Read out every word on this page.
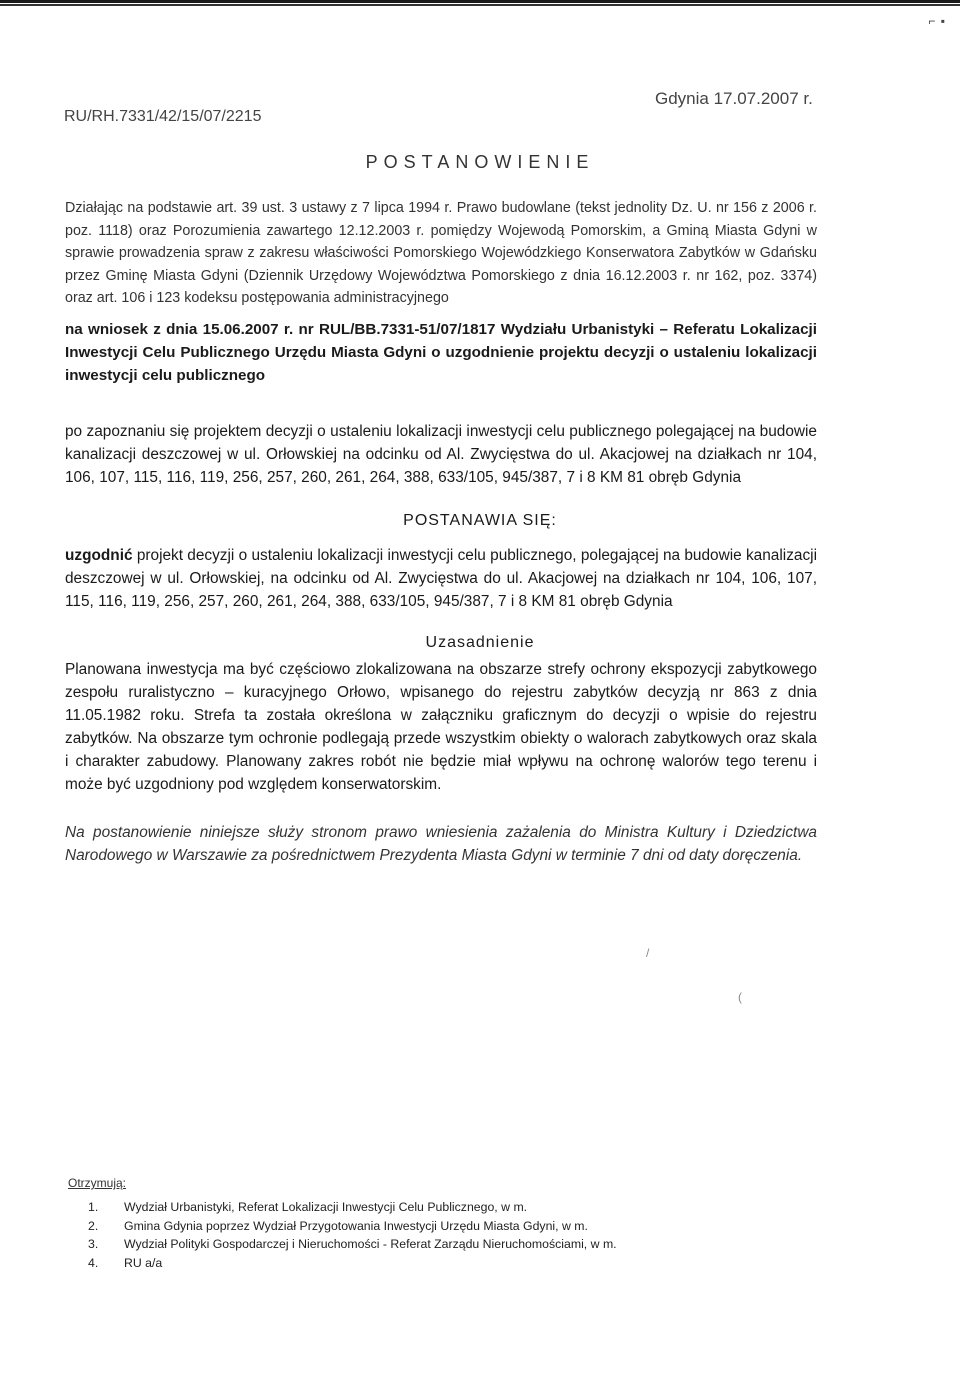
⌐ ▪
RU/RH.7331/42/15/07/2215
Gdynia 17.07.2007 r.
POSTANOWIENIE

Działając na podstawie art. 39 ust. 3 ustawy z 7 lipca 1994 r. Prawo budowlane (tekst jednolity Dz. U. nr 156 z 2006 r. poz. 1118) oraz Porozumienia zawartego 12.12.2003 r. pomiędzy Wojewodą Pomorskim, a Gminą Miasta Gdyni w sprawie prowadzenia spraw z zakresu właściwości Pomorskiego Wojewódzkiego Konserwatora Zabytków w Gdańsku przez Gminę Miasta Gdyni (Dziennik Urzędowy Województwa Pomorskiego z dnia 16.12.2003 r. nr 162, poz. 3374) oraz art. 106 i 123 kodeksu postępowania administracyjnego

na wniosek z dnia 15.06.2007 r. nr RUL/BB.7331-51/07/1817 Wydziału Urbanistyki – Referatu Lokalizacji Inwestycji Celu Publicznego Urzędu Miasta Gdyni o uzgodnienie projektu decyzji o ustaleniu lokalizacji inwestycji celu publicznego

po zapoznaniu się projektem decyzji o ustaleniu lokalizacji inwestycji celu publicznego polegającej na budowie kanalizacji deszczowej w ul. Orłowskiej na odcinku od Al. Zwycięstwa do ul. Akacjowej na działkach nr 104, 106, 107, 115, 116, 119, 256, 257, 260, 261, 264, 388, 633/105, 945/387, 7 i 8 KM 81 obręb Gdynia

POSTANAWIA SIĘ:

uzgodnić projekt decyzji o ustaleniu lokalizacji inwestycji celu publicznego, polegającej na budowie kanalizacji deszczowej w ul. Orłowskiej, na odcinku od Al. Zwycięstwa do ul. Akacjowej na działkach nr 104, 106, 107, 115, 116, 119, 256, 257, 260, 261, 264, 388, 633/105, 945/387, 7 i 8 KM 81 obręb Gdynia

Uzasadnienie

Planowana inwestycja ma być częściowo zlokalizowana na obszarze strefy ochrony ekspozycji zabytkowego zespołu ruralistyczno – kuracyjnego Orłowo, wpisanego do rejestru zabytków decyzją nr 863 z dnia 11.05.1982 roku. Strefa ta została określona w załączniku graficznym do decyzji o wpisie do rejestru zabytków. Na obszarze tym ochronie podlegają przede wszystkim obiekty o walorach zabytkowych oraz skala i charakter zabudowy. Planowany zakres robót nie będzie miał wpływu na ochronę walorów tego terenu i może być uzgodniony pod względem konserwatorskim.

Na postanowienie niniejsze służy stronom prawo wniesienia zażalenia do Ministra Kultury i Dziedzictwa Narodowego w Warszawie za pośrednictwem Prezydenta Miasta Gdyni w terminie 7 dni od daty doręczenia.

/
(
Otrzymują:
1.	Wydział Urbanistyki, Referat Lokalizacji Inwestycji Celu Publicznego, w m.
2.	Gmina Gdynia poprzez Wydział Przygotowania Inwestycji Urzędu Miasta Gdyni, w m.
3.	Wydział Polityki Gospodarczej i Nieruchomości - Referat Zarządu Nieruchomościami, w m.
4.	RU a/a
